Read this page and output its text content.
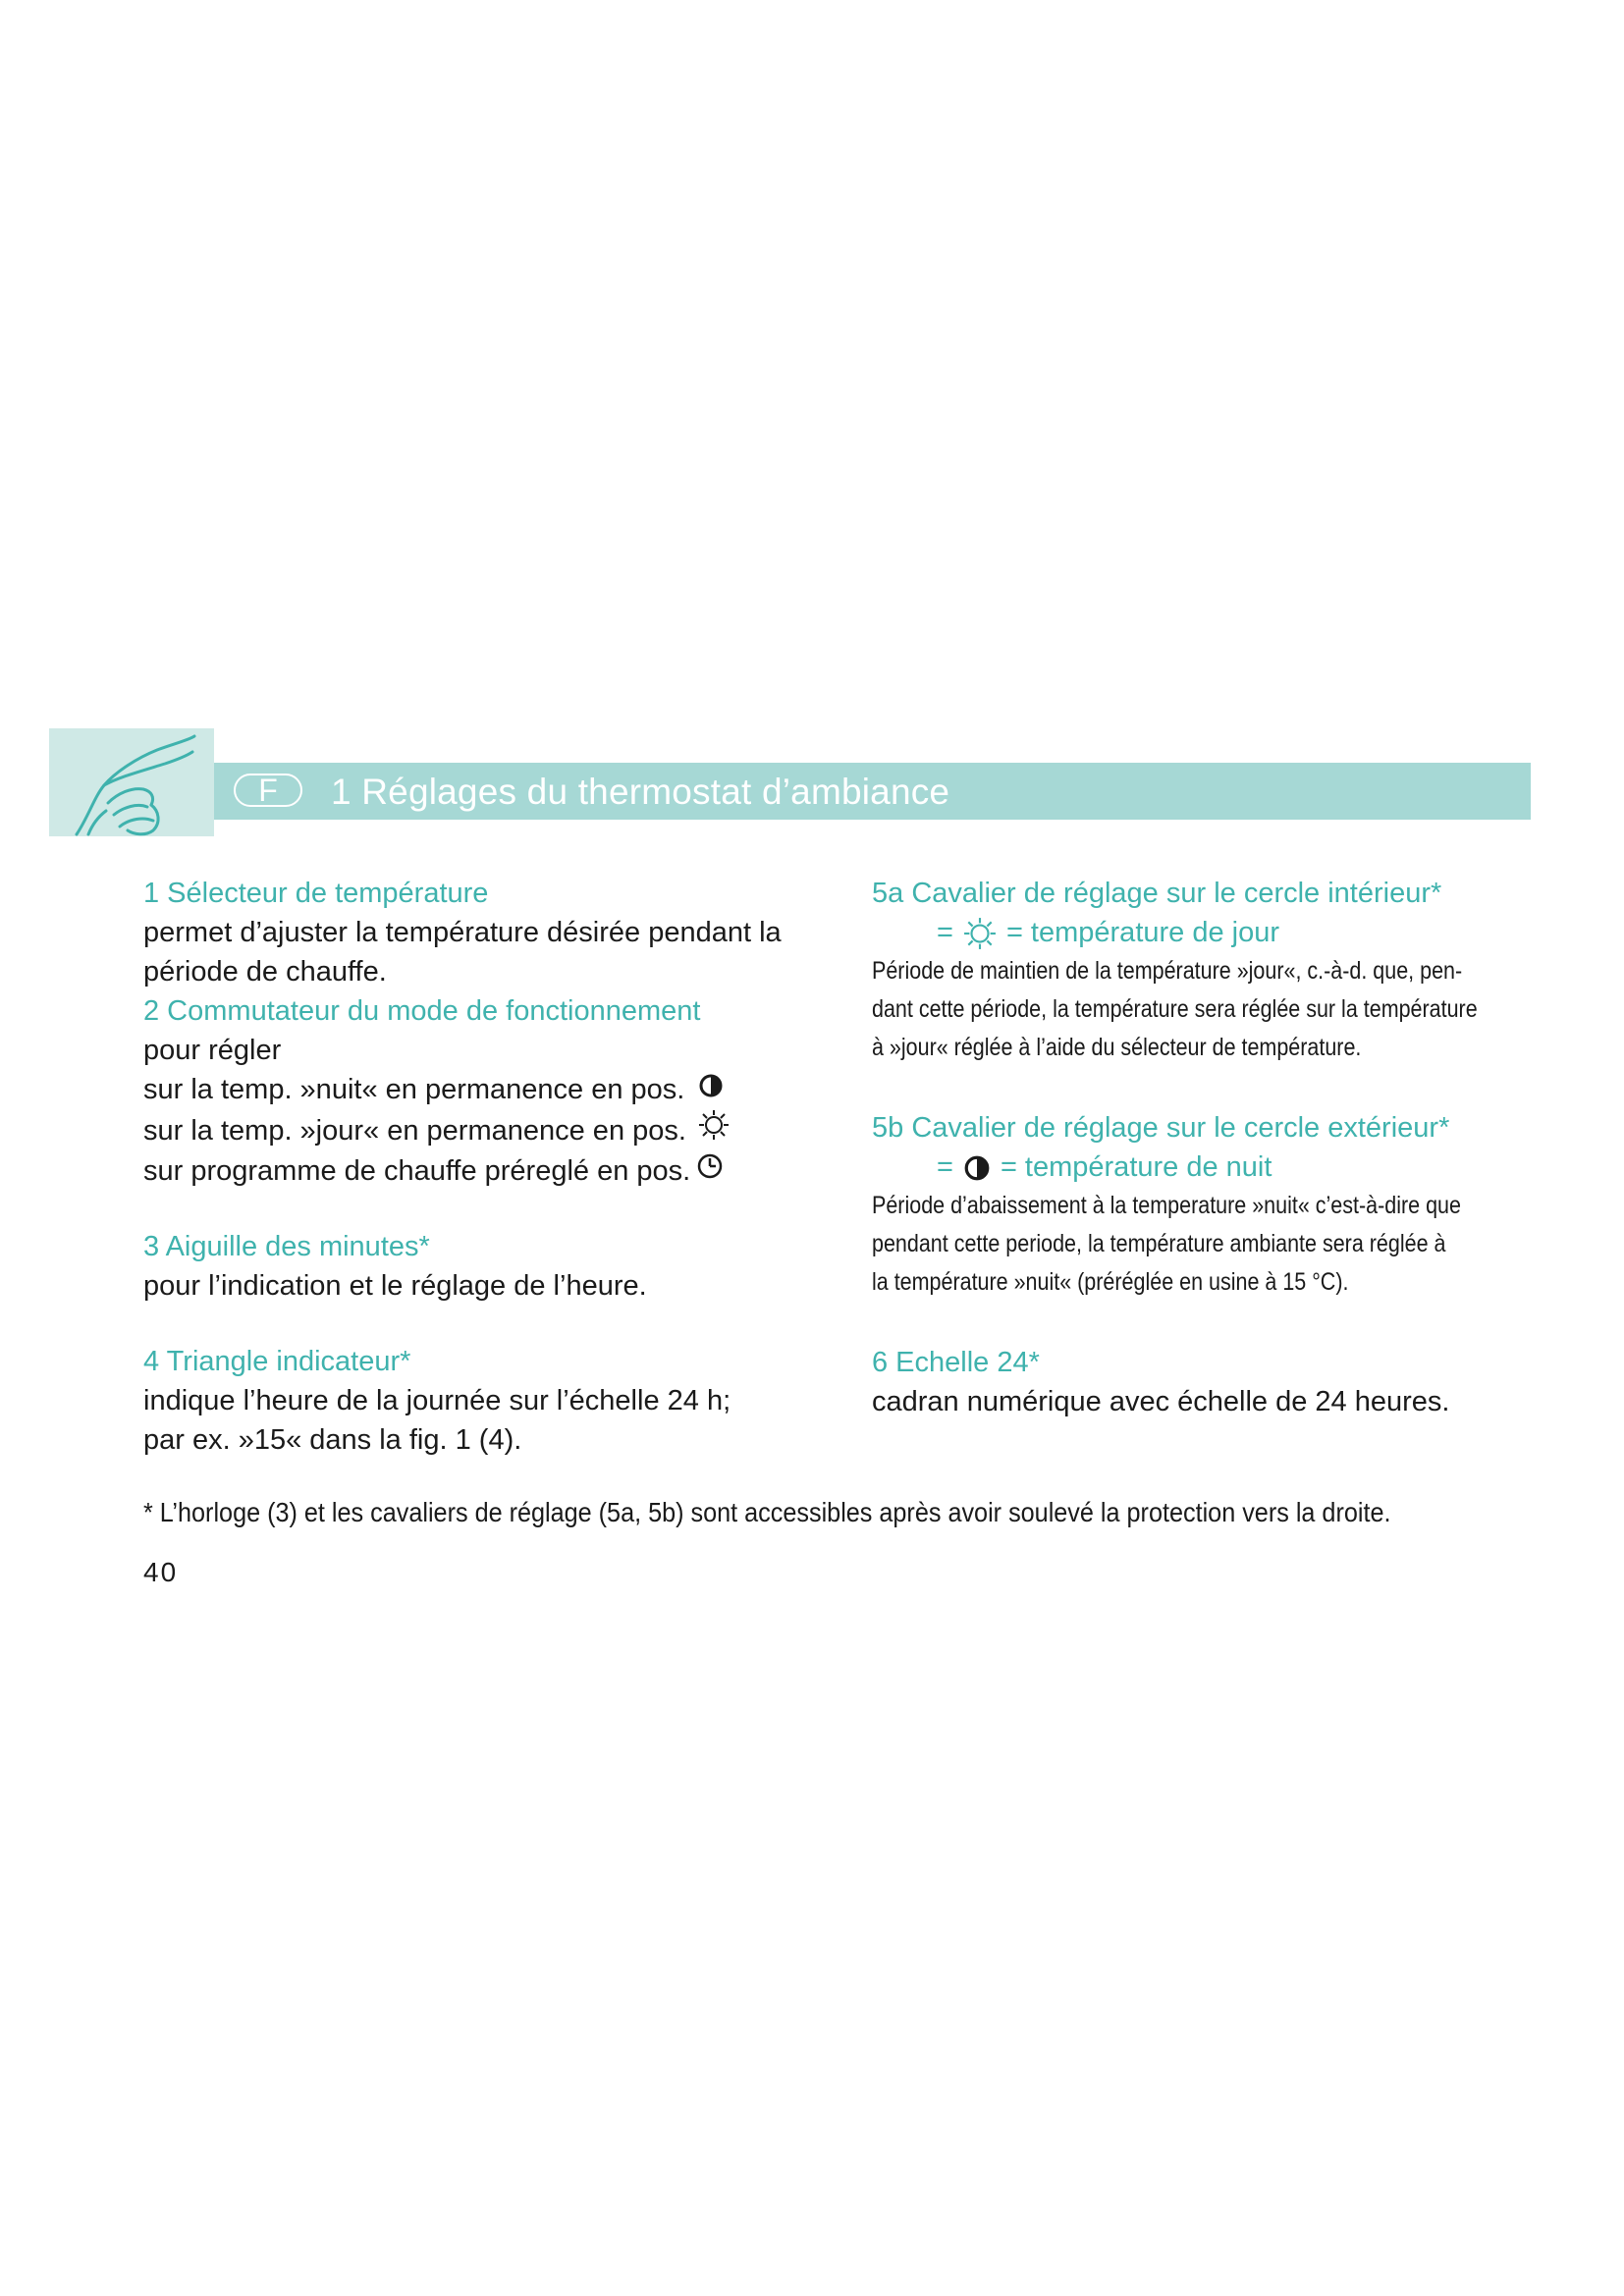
F	1 Réglages du thermostat d’ambiance
1 Sélecteur de température
permet d’ajuster la température désirée pendant la
période de chauffe.
2 Commutateur du mode de fonctionnement
pour régler
sur la temp. »nuit« en permanence en pos.
sur la temp. »jour« en permanence en pos.
sur programme de chauffe préreglé en pos.
3 Aiguille des minutes*
pour l’indication et le réglage de l’heure.
4 Triangle indicateur*
indique l’heure de la journée sur l’échelle 24 h;
par ex. »15« dans la fig. 1 (4).
5a Cavalier de réglage sur le cercle intérieur*
= = température de jour
Période de maintien de la température »jour«, c.-à-d. que, pen-
dant cette période, la température sera réglée sur la température
à »jour« réglée à l’aide du sélecteur de température.
5b Cavalier de réglage sur le cercle extérieur*
= = température de nuit
Période d’abaissement à la temperature »nuit« c’est-à-dire que
pendant cette periode, la température ambiante sera réglée à
la température »nuit« (préréglée en usine à 15 °C).
6 Echelle 24*
cadran numérique avec échelle de 24 heures.
* L’horloge (3) et les cavaliers de réglage (5a, 5b) sont accessibles après avoir soulevé la protection vers la droite.
40
